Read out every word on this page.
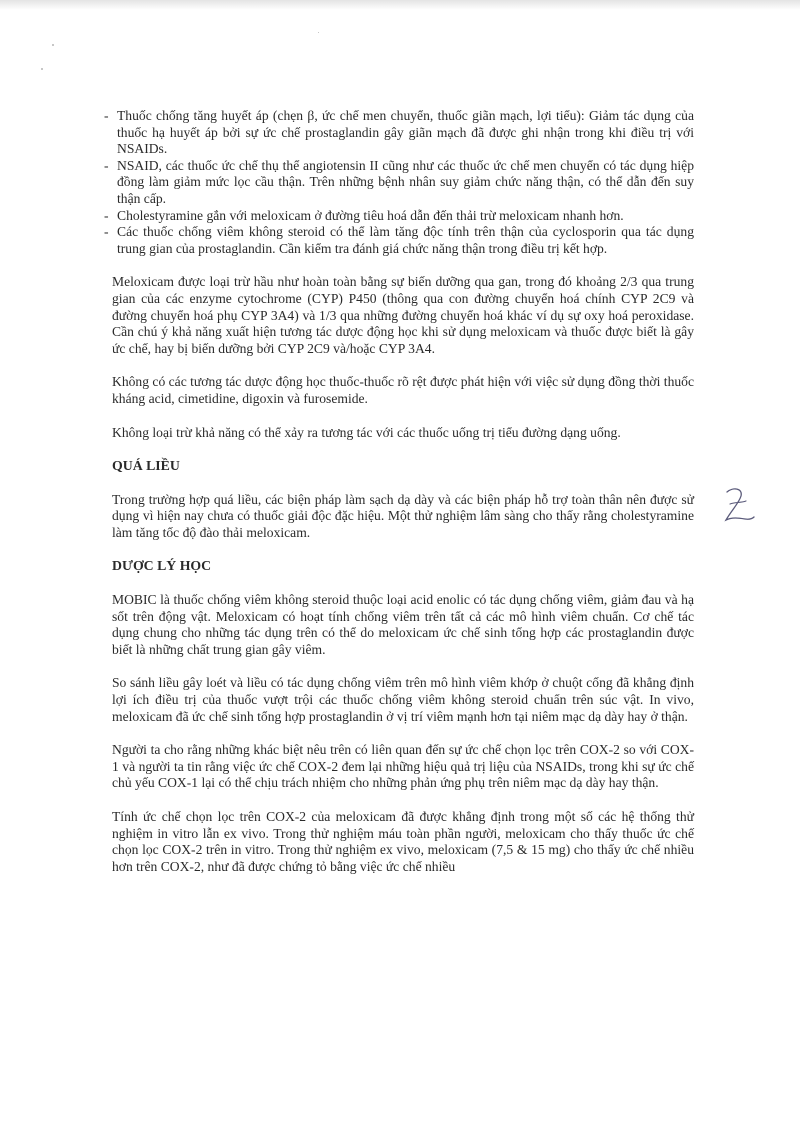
- Thuốc chống tăng huyết áp (chẹn β, ức chế men chuyển, thuốc giãn mạch, lợi tiểu): Giảm tác dụng của thuốc hạ huyết áp bởi sự ức chế prostaglandin gây giãn mạch đã được ghi nhận trong khi điều trị với NSAIDs.
- NSAID, các thuốc ức chế thụ thể angiotensin II cũng như các thuốc ức chế men chuyển có tác dụng hiệp đồng làm giảm mức lọc cầu thận. Trên những bệnh nhân suy giảm chức năng thận, có thể dẫn đến suy thận cấp.
- Cholestyramine gắn với meloxicam ở đường tiêu hoá dẫn đến thải trừ meloxicam nhanh hơn.
- Các thuốc chống viêm không steroid có thể làm tăng độc tính trên thận của cyclosporin qua tác dụng trung gian của prostaglandin. Cần kiểm tra đánh giá chức năng thận trong điều trị kết hợp.

Meloxicam được loại trừ hầu như hoàn toàn bằng sự biến dưỡng qua gan, trong đó khoảng 2/3 qua trung gian của các enzyme cytochrome (CYP) P450 (thông qua con đường chuyển hoá chính CYP 2C9 và đường chuyển hoá phụ CYP 3A4) và 1/3 qua những đường chuyển hoá khác ví dụ sự oxy hoá peroxidase. Cần chú ý khả năng xuất hiện tương tác dược động học khi sử dụng meloxicam và thuốc được biết là gây ức chế, hay bị biến dưỡng bởi CYP 2C9 và/hoặc CYP 3A4.

Không có các tương tác dược động học thuốc-thuốc rõ rệt được phát hiện với việc sử dụng đồng thời thuốc kháng acid, cimetidine, digoxin và furosemide.

Không loại trừ khả năng có thể xảy ra tương tác với các thuốc uống trị tiểu đường dạng uống.

QUÁ LIỀU

Trong trường hợp quá liều, các biện pháp làm sạch dạ dày và các biện pháp hỗ trợ toàn thân nên được sử dụng vì hiện nay chưa có thuốc giải độc đặc hiệu. Một thử nghiệm lâm sàng cho thấy rằng cholestyramine làm tăng tốc độ đào thải meloxicam.

DƯỢC LÝ HỌC

MOBIC là thuốc chống viêm không steroid thuộc loại acid enolic có tác dụng chống viêm, giảm đau và hạ sốt trên động vật. Meloxicam có hoạt tính chống viêm trên tất cả các mô hình viêm chuẩn. Cơ chế tác dụng chung cho những tác dụng trên có thể do meloxicam ức chế sinh tổng hợp các prostaglandin được biết là những chất trung gian gây viêm.

So sánh liều gây loét và liều có tác dụng chống viêm trên mô hình viêm khớp ở chuột cống đã khẳng định lợi ích điều trị của thuốc vượt trội các thuốc chống viêm không steroid chuẩn trên súc vật. In vivo, meloxicam đã ức chế sinh tổng hợp prostaglandin ở vị trí viêm mạnh hơn tại niêm mạc dạ dày hay ở thận.

Người ta cho rằng những khác biệt nêu trên có liên quan đến sự ức chế chọn lọc trên COX-2 so với COX-1 và người ta tin rằng việc ức chế COX-2 đem lại những hiệu quả trị liệu của NSAIDs, trong khi sự ức chế chủ yếu COX-1 lại có thể chịu trách nhiệm cho những phản ứng phụ trên niêm mạc dạ dày hay thận.

Tính ức chế chọn lọc trên COX-2 của meloxicam đã được khẳng định trong một số các hệ thống thử nghiệm in vitro lẫn ex vivo. Trong thử nghiệm máu toàn phần người, meloxicam cho thấy thuốc ức chế chọn lọc COX-2 trên in vitro. Trong thử nghiệm ex vivo, meloxicam (7,5 & 15 mg) cho thấy ức chế nhiều hơn trên COX-2, như đã được chứng tỏ bằng việc ức chế nhiều
